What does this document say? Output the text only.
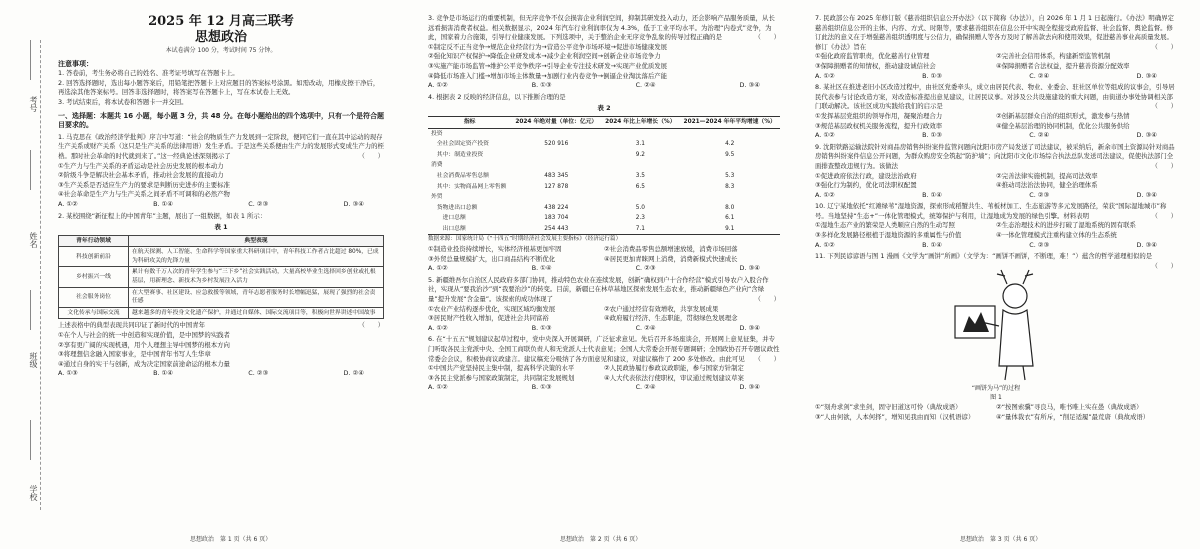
考号
姓名
班级
学校
2025 年 12 月高三联考
思想政治
本试卷满分 100 分，考试时间 75 分钟。
注意事项：

1. 答卷前，考生务必将自己的姓名、准考证号填写在答题卡上。

2. 回答选择题时，选出每小题答案后，用铅笔把答题卡上对应题目的答案标号涂黑。如需改动，用橡皮擦干净后，再选涂其他答案标号。回答非选择题时，将答案写在答题卡上，写在本试卷上无效。

3. 考试结束后，将本试卷和答题卡一并交回。

一、选择题：本题共 16 小题，每小题 3 分，共 48 分。在每小题给出的四个选项中，只有一个是符合题目要求的。

1. 马克思在《政治经济学批判》序言中写道：“社会的物质生产力发展到一定阶段，便同它们一直在其中运动的现存生产关系或财产关系（这只是生产关系的法律用语）发生矛盾。于是这些关系便由生产力的发展形式变成生产力的桎梏。那时社会革命的时代就到来了。”这一经典论述深刻揭示了	（　　）

①生产力与生产关系的矛盾运动是社会历史发展的根本动力

②阶级斗争是解决社会基本矛盾，推动社会发展的直接动力

③生产关系是否适应生产力的要求是判断历史进步的主要标准

④社会革命是生产力与生产关系之间矛盾不可调和的必然产物

A. ①②	B. ①④	C. ②③	D. ③④

2. 某校围绕“新征程上的中国青年”主题，展出了一组数据，如表 1 所示：

表 1
青年行动领域	典型表现
科技创新前沿	在航天探测、人工智能、生命科学等国家重大科研项目中，青年科技工作者占比超过 80%，已成为科研攻关的先锋力量
乡村振兴一线	累计有数千万人次的青年学生参与“三下乡”社会实践活动，大量高校毕业生选择回乡创业或扎根基层，用新理念、新技术为乡村发展注入活力
社会服务岗位	在大型赛事、社区建设、应急救援等领域，青年志愿者服务时长增幅迅猛，展现了强烈的社会责任感
文化传承与国际交流	越来越多的青年投身文化遗产保护，并通过自媒体、国际交流项目等，积极向世界讲述中国故事

上述表格中的典型表现共同印证了新时代的中国青年	（　　）

①在个人与社会的统一中创造和实现价值，是中国梦的实践者

②享有更广阔的实现机遇，用个人理想主导中国梦的根本方向

③将理想信念融入国家事业，是中国青年书写人生华章

④通过自身的实干与创新，成为决定国家前途命运的根本力量

A. ①③	B. ①④	C. ②③	D. ②④
思想政治　第 1 页（共 6 页）

3. 竞争是市场运行的重要机制，但无序竞争不仅会损害企业利润空间，抑制其研发投入动力，还会影响产品服务质量，从长远看损害消费者权益。相关数据显示，2024 年汽车行业利润率仅为 4.3%，低于工业平均水平。为治理“内卷式”竞争，为此，国家着力合施策，引导行业健康发展。下列选项中，关于整治企业无序竞争乱象的传导过程正确的是	（　　）

①制定反不正当竞争→规范企业经营行为→营造公平竞争市场环境→促进市场健康发展

②强化知识产权保护→降低企业研发成本→减少企业利润空间→创新企业市场竞争力

③实施产能市场监管→维护公平竞争秩序→引导企业专注技术研发→实现产业优质发展

④降低市场准入门槛→增加市场主体数量→加剧行业内卷竞争→倒逼企业淘汰落后产能

A. ①②	B. ①③	C. ②④	D. ③④

4. 根据表 2 反映的经济信息，以下推断合理的是

表 2
指标	2024 年绝对量（单位：亿元）	2024 年比上年增长（%）	2021—2024 年年平均增速（%）
投资			
　全社会固定资产投资	520 916	3.1	4.2
　其中：制造业投资		9.2	9.5
消费			
　社会消费品零售总额	483 345	3.5	5.3
　其中：实物商品网上零售额	127 878	6.5	8.3
外贸			
　货物进出口总额	438 224	5.0	8.0
　　进口总额	183 704	2.3	6.1
　　出口总额	254 443	7.1	9.1

数据来源：国家统计局《“十四五”时期经济社会发展主要指标》（经济运行篇）

①制造业投资持续增长，实体经济根基更加牢固	②社会消费品零售总额增速放缓，消费市场回落
③外贸总量规模扩大，出口商品结构不断优化	④居民更加青睐网上消费，消费新模式快速成长
A. ①②	B. ①④	C. ②③	D. ③④

5. 新疆维吾尔自治区人民政府多部门协同，推动特色农业在连续发展，创新“确权到户十合作经营”模式引导农户入股合作社，实现从“要我治沙”到“我要治沙”的转变。目前，新疆已在林草基地区探索发展生态农业，推动新疆绿色产业向“含绿量”提升发展“含金量”。该探索的成功体现了	（　　）

①农业产业结构逐步优化，实现区域均衡发展	②农户通过经营有效增收，共享发展成果
③居民财产性收入增加，促进社会共同富裕	④政府履行经济、生态职能，贯彻绿色发展理念
A. ①②	B. ①③	C. ②④	D. ③④

6. 在“十五五”规划建议起草过程中，党中央深入开展调研，广泛征求意见。先后召开多场座谈会，开展网上意见征集，并专门听取各民主党派中央、全国工商联负责人和无党派人士代表意见；全国人大常委会开展专题调研；全国政协召开专题议政性常委会会议，积极协商议政建言。建议稿充分吸纳了各方面意见和建议，对建议稿作了 200 多处修改。由此可见 （　　）

①中国共产党坚持民主集中制，提高科学决策的水平	②人民政协履行参政议政职能，参与国家方针制定
③各民主党派参与国家政策制定，共同制定发展规划	④人大代表依法行使职权，审议通过规划建议草案
A. ①②	B. ①③	C. ②④	D. ③④
思想政治　第 2 页（共 6 页）

7. 民政部公布 2025 年修订版《慈善组织信息公开办法》（以下简称《办法》），自 2026 年 1 月 1 日起施行。《办法》明确界定慈善组织信息公开的主体、内容、方式、时限等，要求慈善组织在信息公开中实现全程接受政府监督、社会监督、舆论监督。修订此法的意义在于增强慈善组织透明度与公信力，确保捐赠人等各方及时了解善款去向和使用效果，促进慈善事业高质量发展。修订《办法》旨在	（　　）

①强化政府监管职责，优化慈善行业管理	②完善社会信用体系，构建新型监管机制
③保障捐赠者的知情权，推动建设诚信社会	④保障捐赠者合法权益，提升慈善资源分配效率
A. ①②	B. ①③	C. ②④	D. ③④

8. 某社区在推进老旧小区改造过程中，由社区党委牵头，成立由居民代表、物业、业委会、驻社区单位等组成的议事会，引导居民代表参与讨论改造方案，对改造标准提出意见建议，让居民议事。对涉及公共设施建设的重大问题，由街道办事处协调相关部门联动解决。该社区成功实践给我们的启示是	（　　）

①发挥基层党组织的领导作用，凝聚治理合力	②创新基层群众自治的组织形式，激发参与热情
③规范基层政权机关服务流程，提升行政效率	④健全基层治理的协同机制，优化公共服务供给
A. ①②	B. ①③	C. ②④	D. ③④

9. 沈阳铁路运输法院针对商品房销售纠纷案件监管问题向沈阳市房产局发送了司法建议，被采纳后，新余市国土资源局针对商品房销售纠纷案件信息公开问题，为群众购房安全筑起“防护墙”；向沈阳市文化市场综合执法总队发送司法建议，促使执法部门全面排查整改违规行为。该做法	（　　）

①促进政府依法行政，建设法治政府	②完善法律实施机制，提高司法效率
③强化行为制约，优化司法职权配置	④推动司法治法协同，健全治理体系
A. ①②	B. ①④	C. ②③	D. ③④

10. 辽宁某地依托“红滩绿苇”湿地资源，探索形成稻蟹共生、苇板材加工、生态旅游等多元发展路径，荣获“国际湿地城市”称号。当地坚持“生态+”一体化管理模式，统筹保护与利用，让湿地成为发展的绿色引擎。材料表明	（　　）

①湿地生态产业的繁荣是人类顺应自然的生动写照	②生态治理技术的进步打破了湿地系统的固有联系
③多样化发展路径根植于湿地资源的多重属性与价值	④一体化管理模式注重构建立体的生态系统
A. ①②	B. ①④	C. ②③	D. ③④

11. 下列民谚谚语与图 1 漫画《文学为“画饼”所画》（文学为：“画饼不画饼，不断理，难！”）蕴含的哲学道理相似的是
（　　）

“画饼为马”的过程
图 1
①“刻舟求剑”求坐剑，固守旧道这可怜（典故成语）	②“按图索骥”寻良马，唯书唯上实在愚（典故成语）
③“人由何欲，人本何择”，增知见我由而知（汉机语谚）	④“量体裁衣”有所斥，“削足适履”最荒唐（典故成语）
思想政治　第 3 页（共 6 页）
